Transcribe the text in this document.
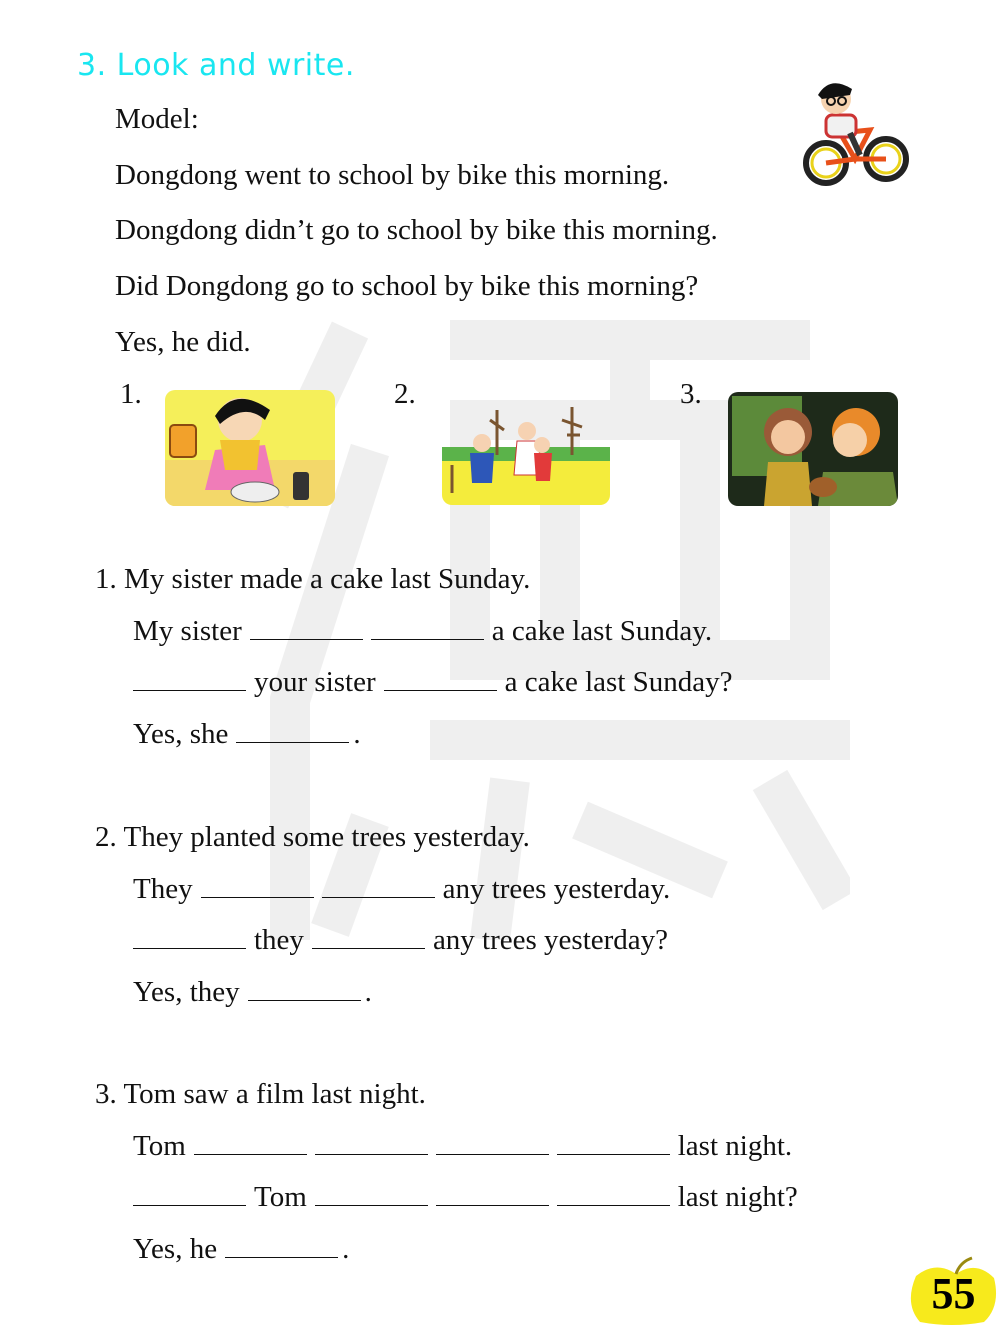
3. Look and write.
Model:
Dongdong went to school by bike this morning.
Dongdong didn’t go to school by bike this morning.
Did Dongdong go to school by bike this morning?
Yes, he did.
1.	2.	3.
1. My sister made a cake last Sunday.
My sister	a cake last Sunday.
your sister	a cake last Sunday?
Yes, she	.
2. They planted some trees yesterday.
They	any trees yesterday.
they	any trees yesterday?
Yes, they	.
3. Tom saw a film last night.
Tom	last night.
Tom	last night?
Yes, he	.
55
